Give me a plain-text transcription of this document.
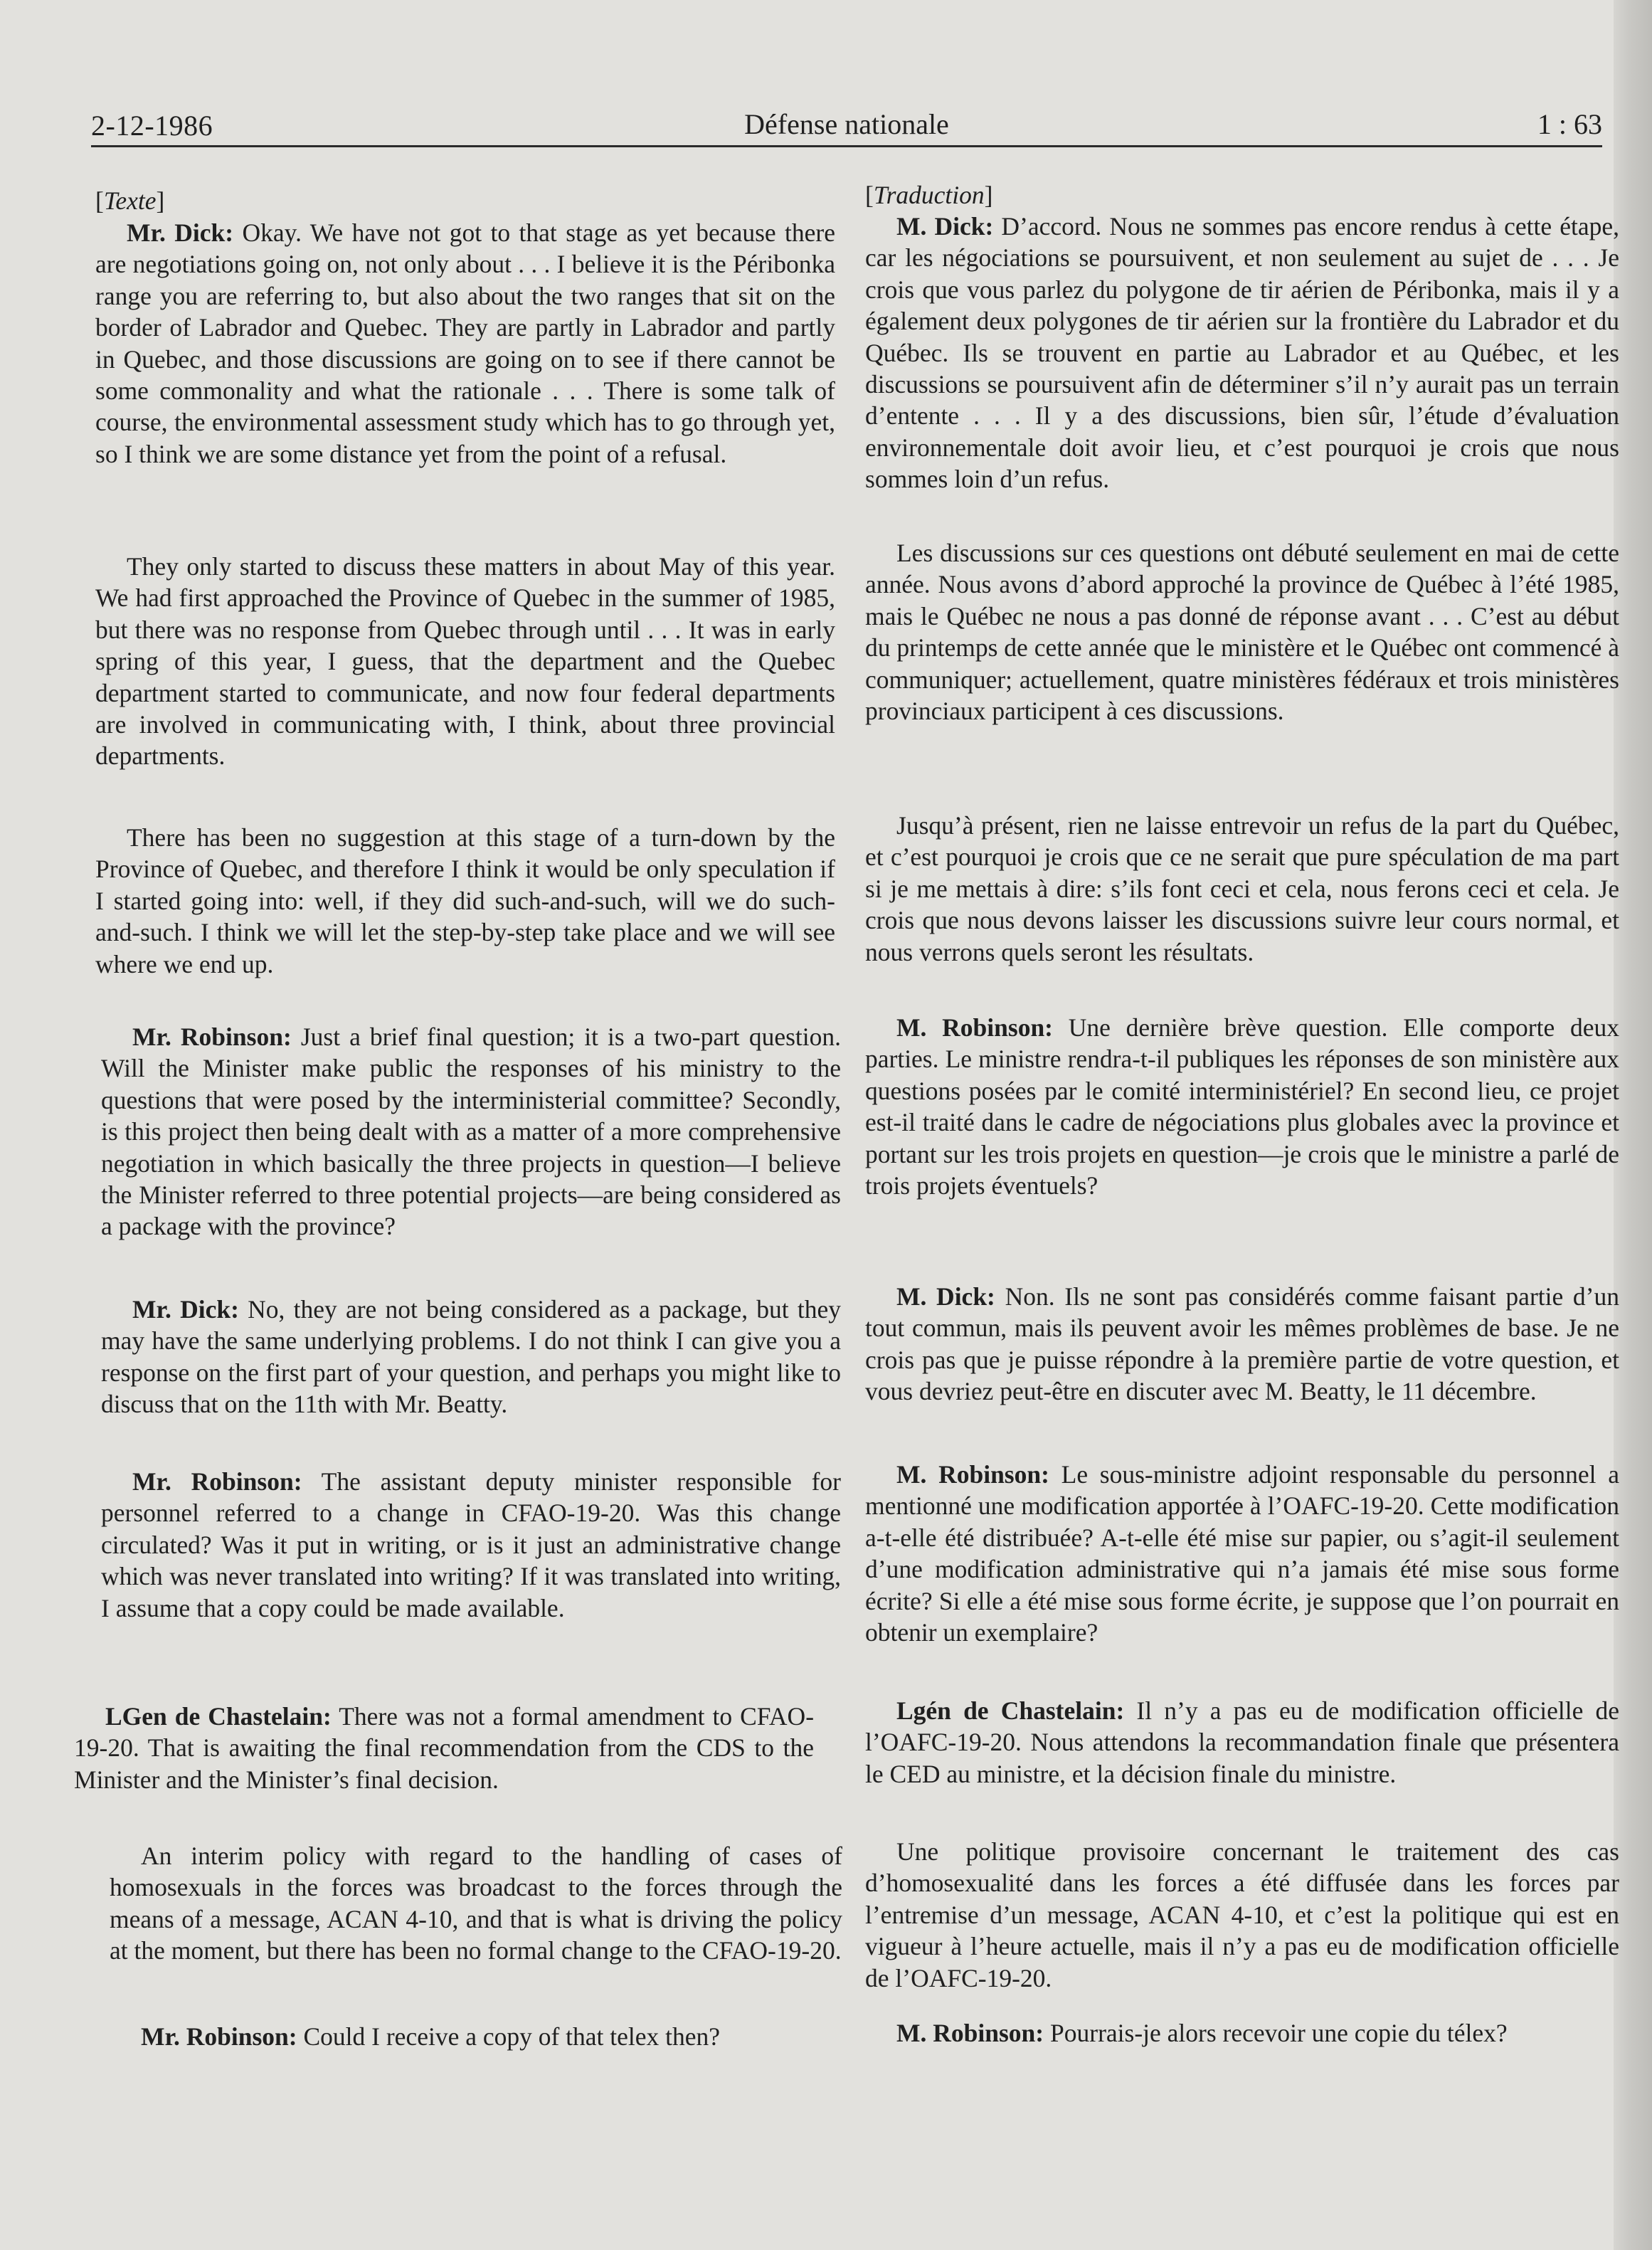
2-12-1986	Défense nationale	1 : 63
[Texte]

Mr. Dick: Okay. We have not got to that stage as yet because there are negotiations going on, not only about . . . I believe it is the Péribonka range you are referring to, but also about the two ranges that sit on the border of Labrador and Quebec. They are partly in Labrador and partly in Quebec, and those discussions are going on to see if there cannot be some commonality and what the rationale . . . There is some talk of course, the environmental assessment study which has to go through yet, so I think we are some distance yet from the point of a refusal.

They only started to discuss these matters in about May of this year. We had first approached the Province of Quebec in the summer of 1985, but there was no response from Quebec through until . . . It was in early spring of this year, I guess, that the department and the Quebec department started to communicate, and now four federal departments are involved in communicating with, I think, about three provincial departments.

There has been no suggestion at this stage of a turn-down by the Province of Quebec, and therefore I think it would be only speculation if I started going into: well, if they did such-and-such, will we do such-and-such. I think we will let the step-by-step take place and we will see where we end up.

Mr. Robinson: Just a brief final question; it is a two-part question. Will the Minister make public the responses of his ministry to the questions that were posed by the interministerial committee? Secondly, is this project then being dealt with as a matter of a more comprehensive negotiation in which basically the three projects in question—I believe the Minister referred to three potential projects—are being considered as a package with the province?

Mr. Dick: No, they are not being considered as a package, but they may have the same underlying problems. I do not think I can give you a response on the first part of your question, and perhaps you might like to discuss that on the 11th with Mr. Beatty.

Mr. Robinson: The assistant deputy minister responsible for personnel referred to a change in CFAO-19-20. Was this change circulated? Was it put in writing, or is it just an administrative change which was never translated into writing? If it was translated into writing, I assume that a copy could be made available.

LGen de Chastelain: There was not a formal amendment to CFAO-19-20. That is awaiting the final recommendation from the CDS to the Minister and the Minister’s final decision.

An interim policy with regard to the handling of cases of homosexuals in the forces was broadcast to the forces through the means of a message, ACAN 4-10, and that is what is driving the policy at the moment, but there has been no formal change to the CFAO-19-20.

Mr. Robinson: Could I receive a copy of that telex then?

[Traduction]

M. Dick: D’accord. Nous ne sommes pas encore rendus à cette étape, car les négociations se poursuivent, et non seulement au sujet de . . . Je crois que vous parlez du polygone de tir aérien de Péribonka, mais il y a également deux polygones de tir aérien sur la frontière du Labrador et du Québec. Ils se trouvent en partie au Labrador et au Québec, et les discussions se poursuivent afin de déterminer s’il n’y aurait pas un terrain d’entente . . . Il y a des discussions, bien sûr, l’étude d’évaluation environnementale doit avoir lieu, et c’est pourquoi je crois que nous sommes loin d’un refus.

Les discussions sur ces questions ont débuté seulement en mai de cette année. Nous avons d’abord approché la province de Québec à l’été 1985, mais le Québec ne nous a pas donné de réponse avant . . . C’est au début du printemps de cette année que le ministère et le Québec ont commencé à communiquer; actuellement, quatre ministères fédéraux et trois ministères provinciaux participent à ces discussions.

Jusqu’à présent, rien ne laisse entrevoir un refus de la part du Québec, et c’est pourquoi je crois que ce ne serait que pure spéculation de ma part si je me mettais à dire: s’ils font ceci et cela, nous ferons ceci et cela. Je crois que nous devons laisser les discussions suivre leur cours normal, et nous verrons quels seront les résultats.

M. Robinson: Une dernière brève question. Elle comporte deux parties. Le ministre rendra-t-il publiques les réponses de son ministère aux questions posées par le comité interministériel? En second lieu, ce projet est-il traité dans le cadre de négociations plus globales avec la province et portant sur les trois projets en question—je crois que le ministre a parlé de trois projets éventuels?

M. Dick: Non. Ils ne sont pas considérés comme faisant partie d’un tout commun, mais ils peuvent avoir les mêmes problèmes de base. Je ne crois pas que je puisse répondre à la première partie de votre question, et vous devriez peut-être en discuter avec M. Beatty, le 11 décembre.

M. Robinson: Le sous-ministre adjoint responsable du personnel a mentionné une modification apportée à l’OAFC-19-20. Cette modification a-t-elle été distribuée? A-t-elle été mise sur papier, ou s’agit-il seulement d’une modification administrative qui n’a jamais été mise sous forme écrite? Si elle a été mise sous forme écrite, je suppose que l’on pourrait en obtenir un exemplaire?

Lgén de Chastelain: Il n’y a pas eu de modification officielle de l’OAFC-19-20. Nous attendons la recommandation finale que présentera le CED au ministre, et la décision finale du ministre.

Une politique provisoire concernant le traitement des cas d’homosexualité dans les forces a été diffusée dans les forces par l’entremise d’un message, ACAN 4-10, et c’est la politique qui est en vigueur à l’heure actuelle, mais il n’y a pas eu de modification officielle de l’OAFC-19-20.

M. Robinson: Pourrais-je alors recevoir une copie du télex?
